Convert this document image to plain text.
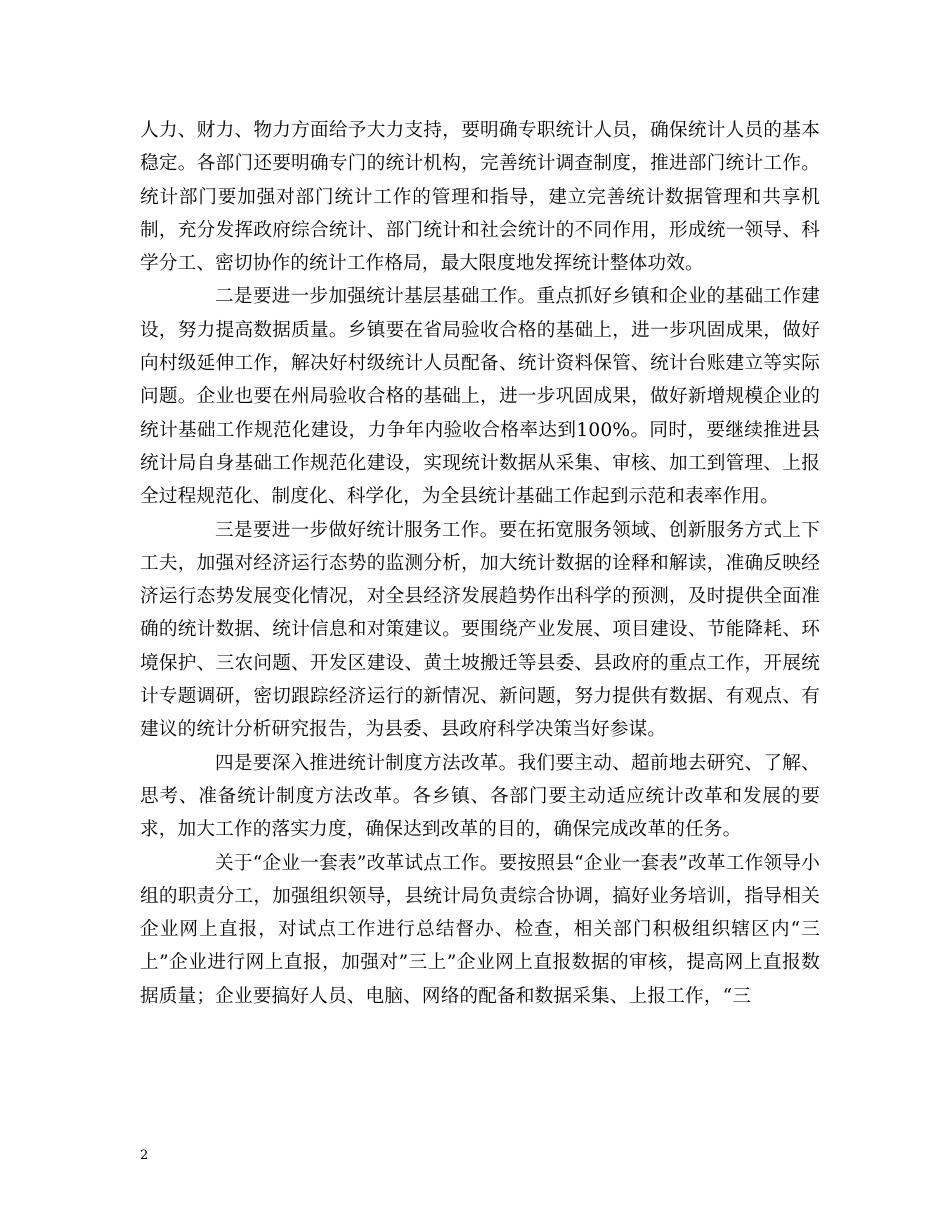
人力、财力、物力方面给予大力支持，要明确专职统计人员，确保统计人员的基本稳定。各部门还要明确专门的统计机构，完善统计调查制度，推进部门统计工作。统计部门要加强对部门统计工作的管理和指导，建立完善统计数据管理和共享机制，充分发挥政府综合统计、部门统计和社会统计的不同作用，形成统一领导、科学分工、密切协作的统计工作格局，最大限度地发挥统计整体功效。

二是要进一步加强统计基层基础工作。重点抓好乡镇和企业的基础工作建设，努力提高数据质量。乡镇要在省局验收合格的基础上，进一步巩固成果，做好向村级延伸工作，解决好村级统计人员配备、统计资料保管、统计台账建立等实际问题。企业也要在州局验收合格的基础上，进一步巩固成果，做好新增规模企业的统计基础工作规范化建设，力争年内验收合格率达到100%。同时，要继续推进县统计局自身基础工作规范化建设，实现统计数据从采集、审核、加工到管理、上报全过程规范化、制度化、科学化，为全县统计基础工作起到示范和表率作用。

三是要进一步做好统计服务工作。要在拓宽服务领域、创新服务方式上下工夫，加强对经济运行态势的监测分析，加大统计数据的诠释和解读，准确反映经济运行态势发展变化情况，对全县经济发展趋势作出科学的预测，及时提供全面准确的统计数据、统计信息和对策建议。要围绕产业发展、项目建设、节能降耗、环境保护、三农问题、开发区建设、黄土坡搬迁等县委、县政府的重点工作，开展统计专题调研，密切跟踪经济运行的新情况、新问题，努力提供有数据、有观点、有建议的统计分析研究报告，为县委、县政府科学决策当好参谋。

四是要深入推进统计制度方法改革。我们要主动、超前地去研究、了解、思考、准备统计制度方法改革。各乡镇、各部门要主动适应统计改革和发展的要求，加大工作的落实力度，确保达到改革的目的，确保完成改革的任务。

关于“企业一套表”改革试点工作。要按照县“企业一套表”改革工作领导小组的职责分工，加强组织领导，县统计局负责综合协调，搞好业务培训，指导相关企业网上直报，对试点工作进行总结督办、检查，相关部门积极组织辖区内“三上”企业进行网上直报，加强对”三上”企业网上直报数据的审核，提高网上直报数据质量；企业要搞好人员、电脑、网络的配备和数据采集、上报工作，“三

2
